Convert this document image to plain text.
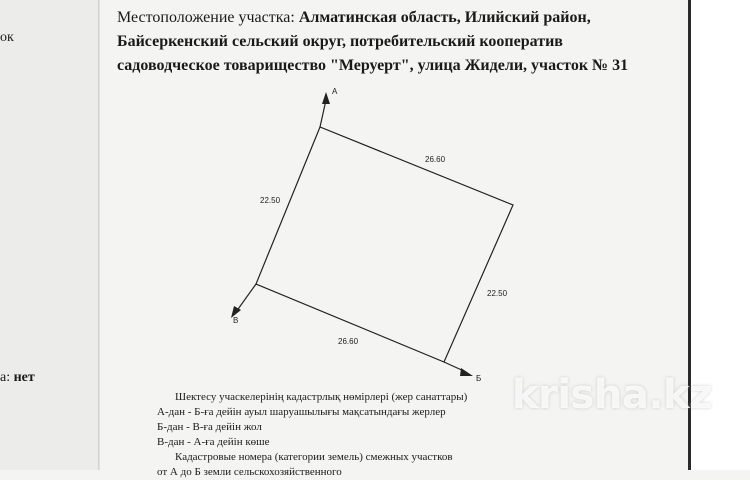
ок
а: нет
Местоположение участка: Алматинская область, Илийский район, Байсеркенский сельский округ, потребительский кооператив садоводческое товарищество "Меруерт", улица Жидели, участок № 31
А
В
Б
26.60
22.50
22.50
26.60
Шектесу учаскелерінің кадастрлық нөмірлері (жер санаттары)
А-дан - Б-ға дейін ауыл шаруашылығы мақсатындағы жерлер
Б-дан - В-ға дейін жол
В-дан - А-ға дейін көше
Кадастровые номера (категории земель) смежных участков
от А до Б земли сельскохозяйственного
krisha.kz
